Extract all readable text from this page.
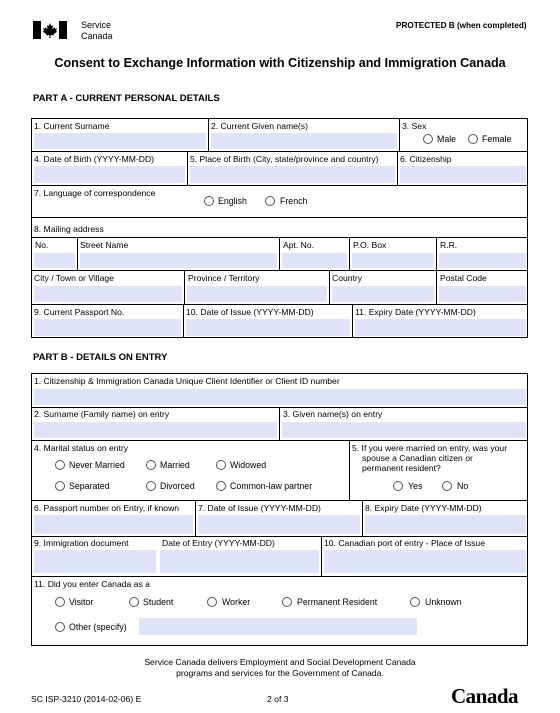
Service
Canada
PROTECTED B (when completed)
Consent to Exchange Information with Citizenship and Immigration Canada
PART A - CURRENT PERSONAL DETAILS
1. Current Surname	2. Current Given name(s)	3. Sex
Male	Female
4. Date of Birth (YYYY-MM-DD)	5. Place of Birth (City, state/province and country) 6. Citizenship
7. Language of correspondence
English	French
8. Mailing address
No.	Street Name	Apt. No.	P.O. Box	R.R.
City / Town or Village	Province / Territory	Country	Postal Code
9. Current Passport No.	10. Date of Issue (YYYY-MM-DD)	11. Expiry Date (YYYY-MM-DD)
PART B - DETAILS ON ENTRY
1. Citizenship & Immigration Canada Unique Client Identifier or Client ID number
2. Surname (Family name) on entry	3. Given name(s) on entry
4. Marital status on entry
Never Married	Married	Widowed
Separated	Divorced	Common-law partner
5. If you were married on entry, was your
spouse a Canadian citizen or
permanent resident?
Yes	No
6. Passport number on Entry, if known 7. Date of Issue (YYYY-MM-DD)	8. Expiry Date (YYYY-MM-DD)
9. Immigration document	Date of Entry (YYYY-MM-DD)	10. Canadian port of entry - Place of Issue
11. Did you enter Canada as a
Visitor	Student	Worker	Permanent Resident	Unknown
Other (specify)
Service Canada delivers Employment and Social Development Canada
programs and services for the Government of Canada.
SC ISP-3210 (2014-02-06) E	2 of 3	Canada
